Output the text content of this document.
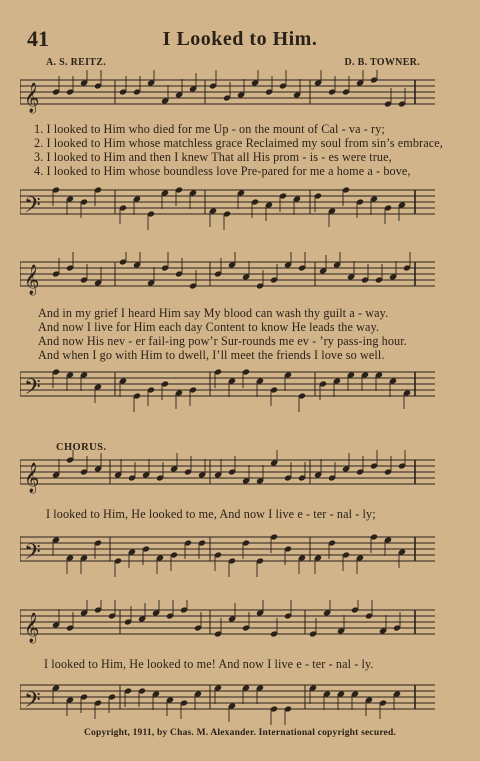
41	I Looked to Him.
A. S. REITZ.	D. B. TOWNER.
𝄞
1. I looked to Him who died for me Up - on the mount of Cal - va - ry;
2. I looked to Him whose matchless grace Reclaimed my soul from sin’s embrace,
3. I looked to Him and then I knew That all His prom - is - es were true,
4. I looked to Him whose boundless love Pre-pared for me a home a - bove,
𝄢
𝄞
And in my grief I heard Him say My blood can wash thy guilt a - way.
And now I live for Him each day Content to know He leads the way.
And now His nev - er fail-ing pow’r Sur-rounds me ev - ’ry pass-ing hour.
And when I go with Him to dwell, I’ll meet the friends I love so well.
𝄢
CHORUS.
𝄞
I looked to Him, He looked to me, And now I live e - ter - nal - ly;
𝄢
𝄞
I looked to Him, He looked to me! And now I live e - ter - nal - ly.
𝄢
Copyright, 1911, by Chas. M. Alexander. International copyright secured.
